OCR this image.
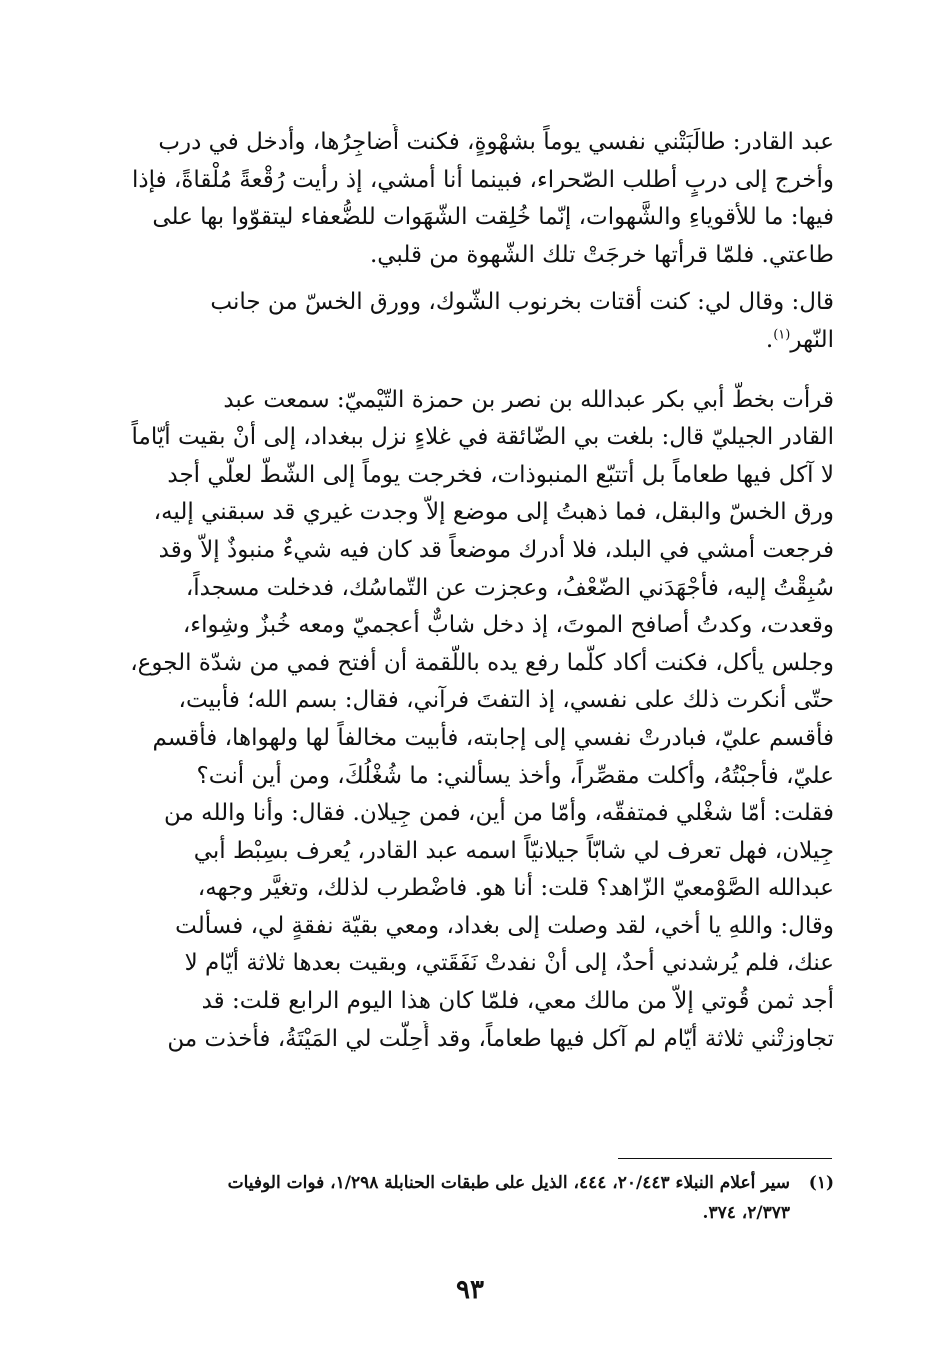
عبد القادر: طالَبَتْني نفسي يوماً بشهْوةٍ، فكنت أُضاجِرُها، وأدخل في درب
وأخرج إلى دربٍ أطلب الصّحراء، فبينما أنا أمشي، إذ رأيت رُقْعةً مُلْقاةً، فإذا
فيها: ما للأقوياءِ والشَّهوات، إنّما خُلِقت الشّهَوات للضُّعفاء ليتقوّوا بها على
طاعتي. فلمّا قرأتها خرجَتْ تلك الشّهوة من قلبي.

قال: وقال لي: كنت أقتات بخرنوب الشّوك، وورق الخسّ من جانب
النّهر$^{(١)}$.

قرأت بخطّ أبي بكر عبدالله بن نصر بن حمزة التّيْميّ: سمعت عبد
القادر الجيليّ قال: بلغت بي الضّائقة في غلاءٍ نزل ببغداد، إلى أنْ بقيت أيّاماً
لا آكل فيها طعاماً بل أتتبّع المنبوذات، فخرجت يوماً إلى الشّطّ لعلّي أجد
ورق الخسّ والبقل، فما ذهبتُ إلى موضع إلاّ وجدت غيري قد سبقني إليه،
فرجعت أمشي في البلد، فلا أدرك موضعاً قد كان فيه شيءٌ منبوذٌ إلاّ وقد
سُبِقْتُ إليه، فأجْهَدَني الضّعْفُ، وعجزت عن التّماسُك، فدخلت مسجداً،
وقعدت، وكدتُ أصافح الموتَ، إذ دخل شابٌّ أعجميّ ومعه خُبزٌ وشِواء،
وجلس يأكل، فكنت أكاد كلّما رفع يده باللّقمة أن أفتح فمي من شدّة الجوع،
حتّى أنكرت ذلك على نفسي، إذ التفتَ فرآني، فقال: بسم الله؛ فأبيت،
فأقسم عليّ، فبادرتْ نفسي إلى إجابته، فأبيت مخالفاً لها ولهواها، فأقسم
عليّ، فأجبْتُهُ، وأكلت مقصِّراً، وأخذ يسألني: ما شُغْلُكَ، ومن أين أنت؟
فقلت: أمّا شغْلي فمتفقّه، وأمّا من أين، فمن جِيلان. فقال: وأنا والله من
جِيلان، فهل تعرف لي شابّاً جيلانيّاً اسمه عبد القادر، يُعرف بسِبْط أبي
عبدالله الصَّوْمعيّ الزّاهد؟ قلت: أنا هو. فاضْطرب لذلك، وتغيَّر وجهه،
وقال: واللهِ يا أخي، لقد وصلت إلى بغداد، ومعي بقيّة نفقةٍ لي، فسألت
عنك، فلم يُرشدني أحدٌ، إلى أنْ نفدتْ نَفَقَتي، وبقيت بعدها ثلاثة أيّام لا
أجد ثمن قُوتي إلاّ من مالك معي، فلمّا كان هذا اليوم الرابع قلت: قد
تجاوزتْني ثلاثة أيّام لم آكل فيها طعاماً، وقد أُحِلّت لي المَيْتَةُ، فأخذت من

(١)
سير أعلام النبلاء ٢٠/٤٤٣، ٤٤٤، الذيل على طبقات الحنابلة ١/٢٩٨، فوات الوفيات
٢/٣٧٣، ٣٧٤.
٩٣
